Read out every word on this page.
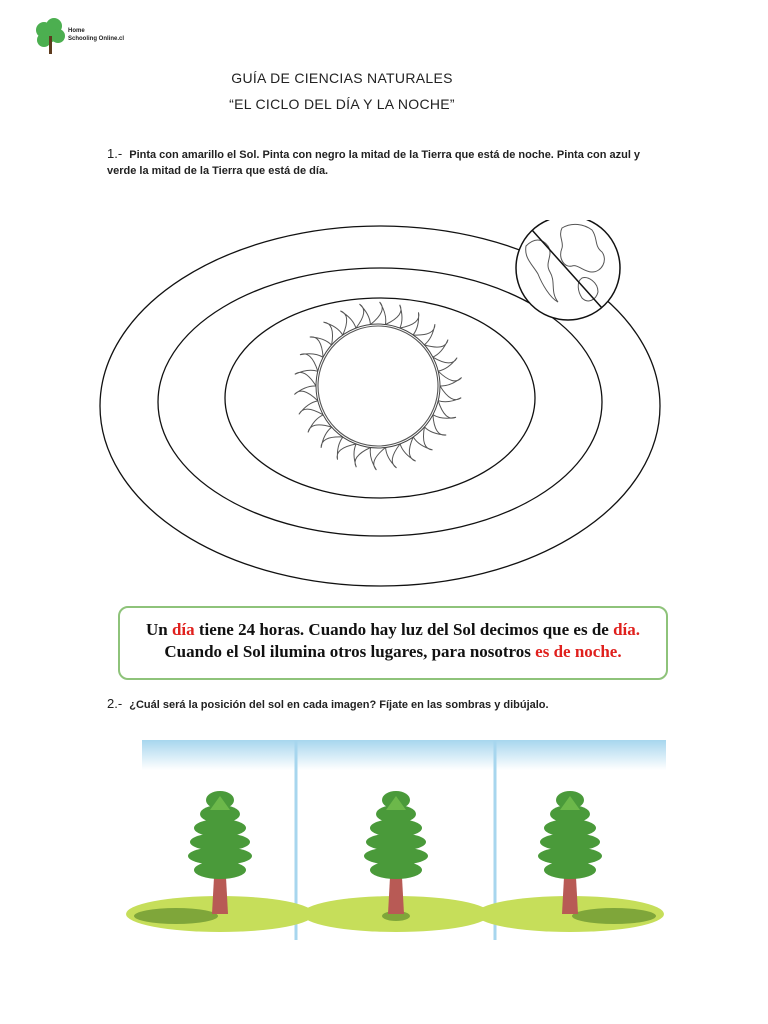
Home
Schooling Online.cl
GUÍA DE CIENCIAS NATURALES
“EL CICLO DEL DÍA Y LA NOCHE”
1.- Pinta con amarillo el Sol. Pinta con negro la mitad de la Tierra que está de noche. Pinta con azul y verde la mitad de la Tierra que está de día.
Un día tiene 24 horas. Cuando hay luz del Sol decimos que es de día.
Cuando el Sol ilumina otros lugares, para nosotros es de noche.
2.- ¿Cuál será la posición del sol en cada imagen? Fíjate en las sombras y dibújalo.
